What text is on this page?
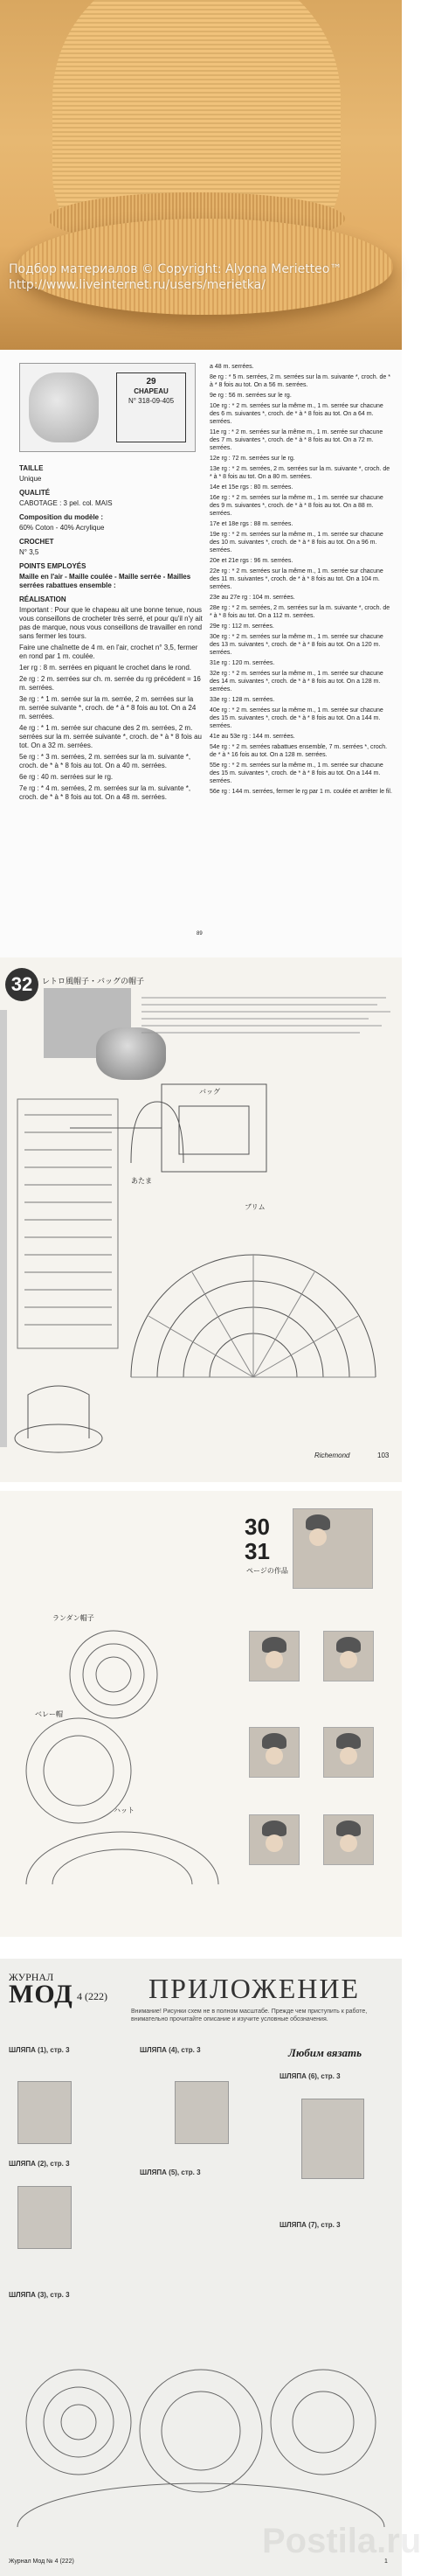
Подбор материалов © Copyright: Alyona Merietteo™
http://www.liveinternet.ru/users/merietka/
29
CHAPEAU
N° 318-09-405
TAILLE
Unique
QUALITÉ
CABOTAGE : 3 pel. col. MAIS
Composition du modèle :
60% Coton - 40% Acrylique
CROCHET
N° 3,5
POINTS EMPLOYÉS
Maille en l'air - Maille coulée - Maille serrée - Mailles serrées rabattues ensemble :
RÉALISATION
Important : Pour que le chapeau ait une bonne tenue, nous vous conseillons de crocheter très serré, et pour qu'il n'y ait pas de marque, nous vous conseillons de travailler en rond sans fermer les tours.
Faire une chaînette de 4 m. en l'air, crochet n° 3,5, fermer en rond par 1 m. coulée.
1er rg : 8 m. serrées en piquant le crochet dans le rond.
2e rg : 2 m. serrées sur ch. m. serrée du rg précédent = 16 m. serrées.
3e rg : * 1 m. serrée sur la m. serrée, 2 m. serrées sur la m. serrée suivante *, croch. de * à * 8 fois au tot. On a 24 m. serrées.
4e rg : * 1 m. serrée sur chacune des 2 m. serrées, 2 m. serrées sur la m. serrée suivante *, croch. de * à * 8 fois au tot. On a 32 m. serrées.
5e rg : * 3 m. serrées, 2 m. serrées sur la m. suivante *, croch. de * à * 8 fois au tot. On a 40 m. serrées.
6e rg : 40 m. serrées sur le rg.
7e rg : * 4 m. serrées, 2 m. serrées sur la m. suivante *, croch. de * à * 8 fois au tot. On a 48 m. serrées.
a 48 m. serrées.
8e rg : * 5 m. serrées, 2 m. serrées sur la m. suivante *, croch. de * à * 8 fois au tot. On a 56 m. serrées.
9e rg : 56 m. serrées sur le rg.
10e rg : * 2 m. serrées sur la même m., 1 m. serrée sur chacune des 6 m. suivantes *, croch. de * à * 8 fois au tot. On a 64 m. serrées.
11e rg : * 2 m. serrées sur la même m., 1 m. serrée sur chacune des 7 m. suivantes *, croch. de * à * 8 fois au tot. On a 72 m. serrées.
12e rg : 72 m. serrées sur le rg.
13e rg : * 2 m. serrées, 2 m. serrées sur la m. suivante *, croch. de * à * 8 fois au tot. On a 80 m. serrées.
14e et 15e rgs : 80 m. serrées.
16e rg : * 2 m. serrées sur la même m., 1 m. serrée sur chacune des 9 m. suivantes *, croch. de * à * 8 fois au tot. On a 88 m. serrées.
17e et 18e rgs : 88 m. serrées.
19e rg : * 2 m. serrées sur la même m., 1 m. serrée sur chacune des 10 m. suivantes *, croch. de * à * 8 fois au tot. On a 96 m. serrées.
20e et 21e rgs : 96 m. serrées.
22e rg : * 2 m. serrées sur la même m., 1 m. serrée sur chacune des 11 m. suivantes *, croch. de * à * 8 fois au tot. On a 104 m. serrées.
23e au 27e rg : 104 m. serrées.
28e rg : * 2 m. serrées, 2 m. serrées sur la m. suivante *, croch. de * à * 8 fois au tot. On a 112 m. serrées.
29e rg : 112 m. serrées.
30e rg : * 2 m. serrées sur la même m., 1 m. serrée sur chacune des 13 m. suivantes *, croch. de * à * 8 fois au tot. On a 120 m. serrées.
31e rg : 120 m. serrées.
32e rg : * 2 m. serrées sur la même m., 1 m. serrée sur chacune des 14 m. suivantes *, croch. de * à * 8 fois au tot. On a 128 m. serrées.
33e rg : 128 m. serrées.
40e rg : * 2 m. serrées sur la même m., 1 m. serrée sur chacune des 15 m. suivantes *, croch. de * à * 8 fois au tot. On a 144 m. serrées.
41e au 53e rg : 144 m. serrées.
54e rg : * 2 m. serrées rabattues ensemble, 7 m. serrées *, croch. de * à * 16 fois au tot. On a 128 m. serrées.
55e rg : * 2 m. serrées sur la même m., 1 m. serrée sur chacune des 15 m. suivantes *, croch. de * à * 8 fois au tot. On a 144 m. serrées.
56e rg : 144 m. serrées, fermer le rg par 1 m. coulée et arrêter le fil.
89
32	レトロ風帽子・バッグの帽子
バッグ
あたま
ブリム
Richemond	103
30
31
ページの作品
ランダン帽子
ベレー帽
ハット
ЖУРНАЛ
МОД 4 (222) ПРИЛОЖЕНИЕ
Внимание! Рисунки схем не в полном масштабе. Прежде чем приступить к работе, внимательно прочитайте описание и изучите условные обозначения.
Любим вязать
ШЛЯПА (1), стр. 3
ШЛЯПА (2), стр. 3
ШЛЯПА (3), стр. 3
ШЛЯПА (4), стр. 3
ШЛЯПА (5), стр. 3
ШЛЯПА (6), стр. 3
ШЛЯПА (7), стр. 3
Журнал Мод № 4 (222)	1
Postila.ru
